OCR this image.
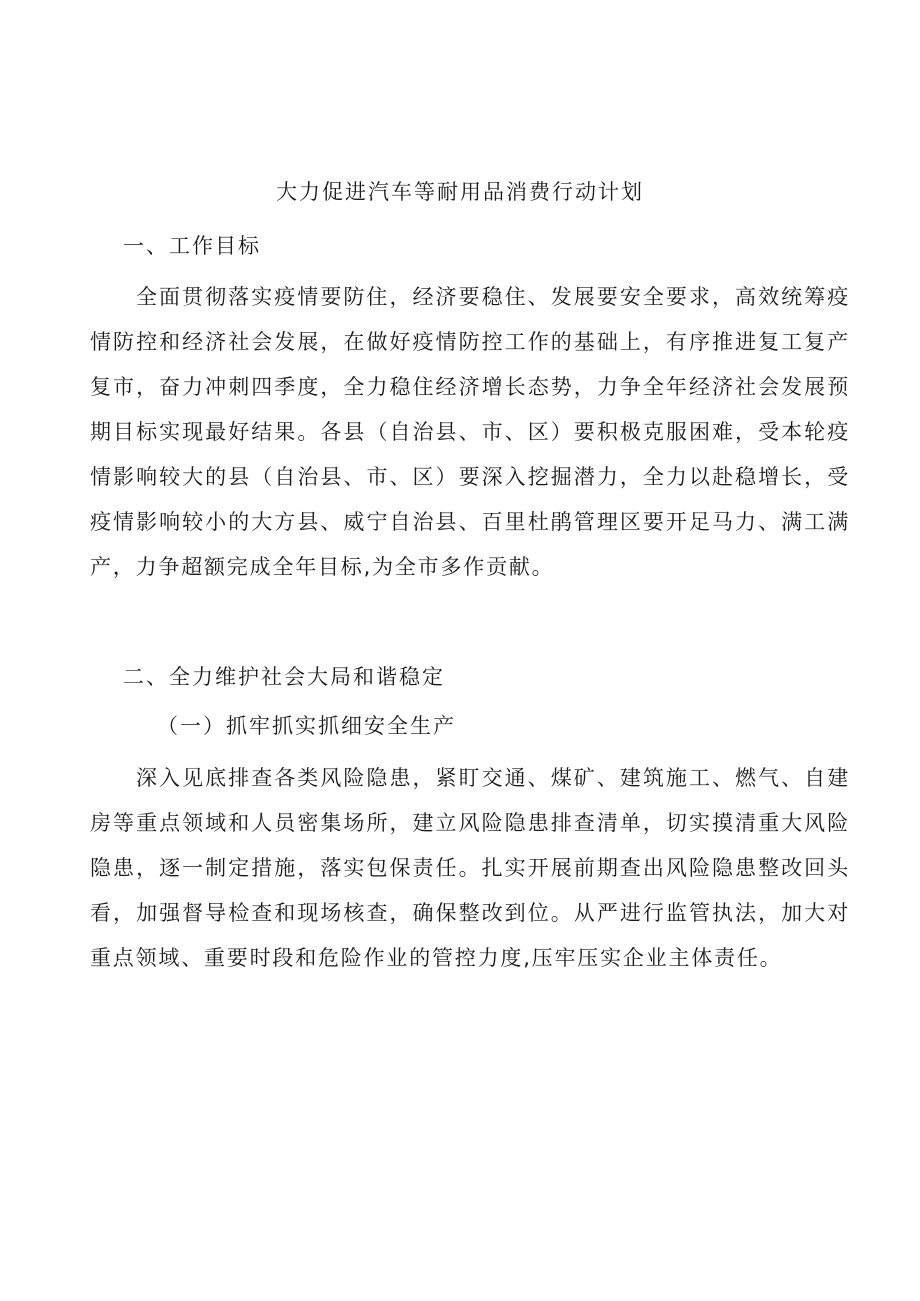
大力促进汽车等耐用品消费行动计划
一、工作目标

全面贯彻落实疫情要防住，经济要稳住、发展要安全要求，高效统筹疫情防控和经济社会发展，在做好疫情防控工作的基础上，有序推进复工复产复市，奋力冲刺四季度，全力稳住经济增长态势，力争全年经济社会发展预期目标实现最好结果。各县（自治县、市、区）要积极克服困难，受本轮疫情影响较大的县（自治县、市、区）要深入挖掘潜力，全力以赴稳增长，受疫情影响较小的大方县、威宁自治县、百里杜鹃管理区要开足马力、满工满产，力争超额完成全年目标,为全市多作贡献。

二、全力维护社会大局和谐稳定
（一）抓牢抓实抓细安全生产

深入见底排查各类风险隐患，紧盯交通、煤矿、建筑施工、燃气、自建房等重点领域和人员密集场所，建立风险隐患排查清单，切实摸清重大风险隐患，逐一制定措施，落实包保责任。扎实开展前期查出风险隐患整改回头看，加强督导检查和现场核查，确保整改到位。从严进行监管执法，加大对重点领域、重要时段和危险作业的管控力度,压牢压实企业主体责任。
